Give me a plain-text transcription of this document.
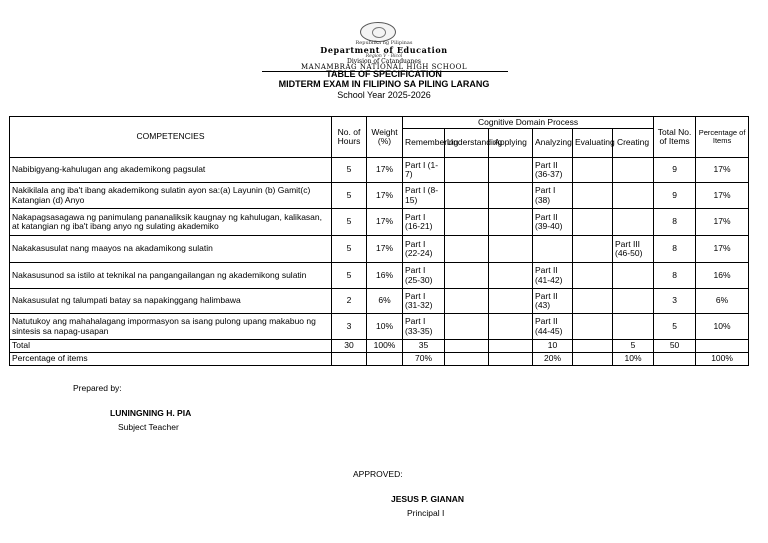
Republika ng Pilipinas
Department of Education
Region V - Bicol
Division of Catanduanes
MANAMBRAG NATIONAL HIGH SCHOOL
TABLE OF SPECIFICATION
MIDTERM EXAM IN FILIPINO SA PILING LARANG
School Year 2025-2026
COMPETENCIES	No. of Hours	Weight (%)	Cognitive Domain Process						Total No. of Items	Percentage of Items
			Remembering	Understanding	Applying	Analyzing	Evaluating	Creating		
Nabibigyang-kahulugan ang akademikong pagsulat	5	17%	Part I (1-7)			Part II (36-37)			9	17%
Nakikilala ang iba't ibang akademikong sulatin ayon sa:(a) Layunin (b) Gamit(c) Katangian (d) Anyo	5	17%	Part I (8-15)			Part I (38)			9	17%
Nakapagsasagawa ng panimulang pananaliksik kaugnay ng kahulugan, kalikasan, at katangian ng iba't ibang anyo ng sulating akademiko	5	17%	Part I (16-21)			Part II (39-40)			8	17%
Nakakasusulat nang maayos na akadamikong sulatin	5	17%	Part I (22-24)					Part III (46-50)	8	17%
Nakasusunod sa istilo at teknikal na pangangailangan ng akademikong sulatin	5	16%	Part I (25-30)			Part II (41-42)			8	16%
Nakasusulat ng talumpati batay sa napakinggang halimbawa	2	6%	Part I (31-32)			Part II (43)			3	6%
Natutukoy ang mahahalagang impormasyon sa isang pulong upang makabuo ng sintesis sa napag-usapan	3	10%	Part I (33-35)			Part II (44-45)			5	10%
Total	30	100%	35			10		5	50	
Percentage of items			70%			20%		10%		100%
Prepared by:
LUNINGNING H. PIA
Subject Teacher
APPROVED:
JESUS P. GIANAN
Principal I
